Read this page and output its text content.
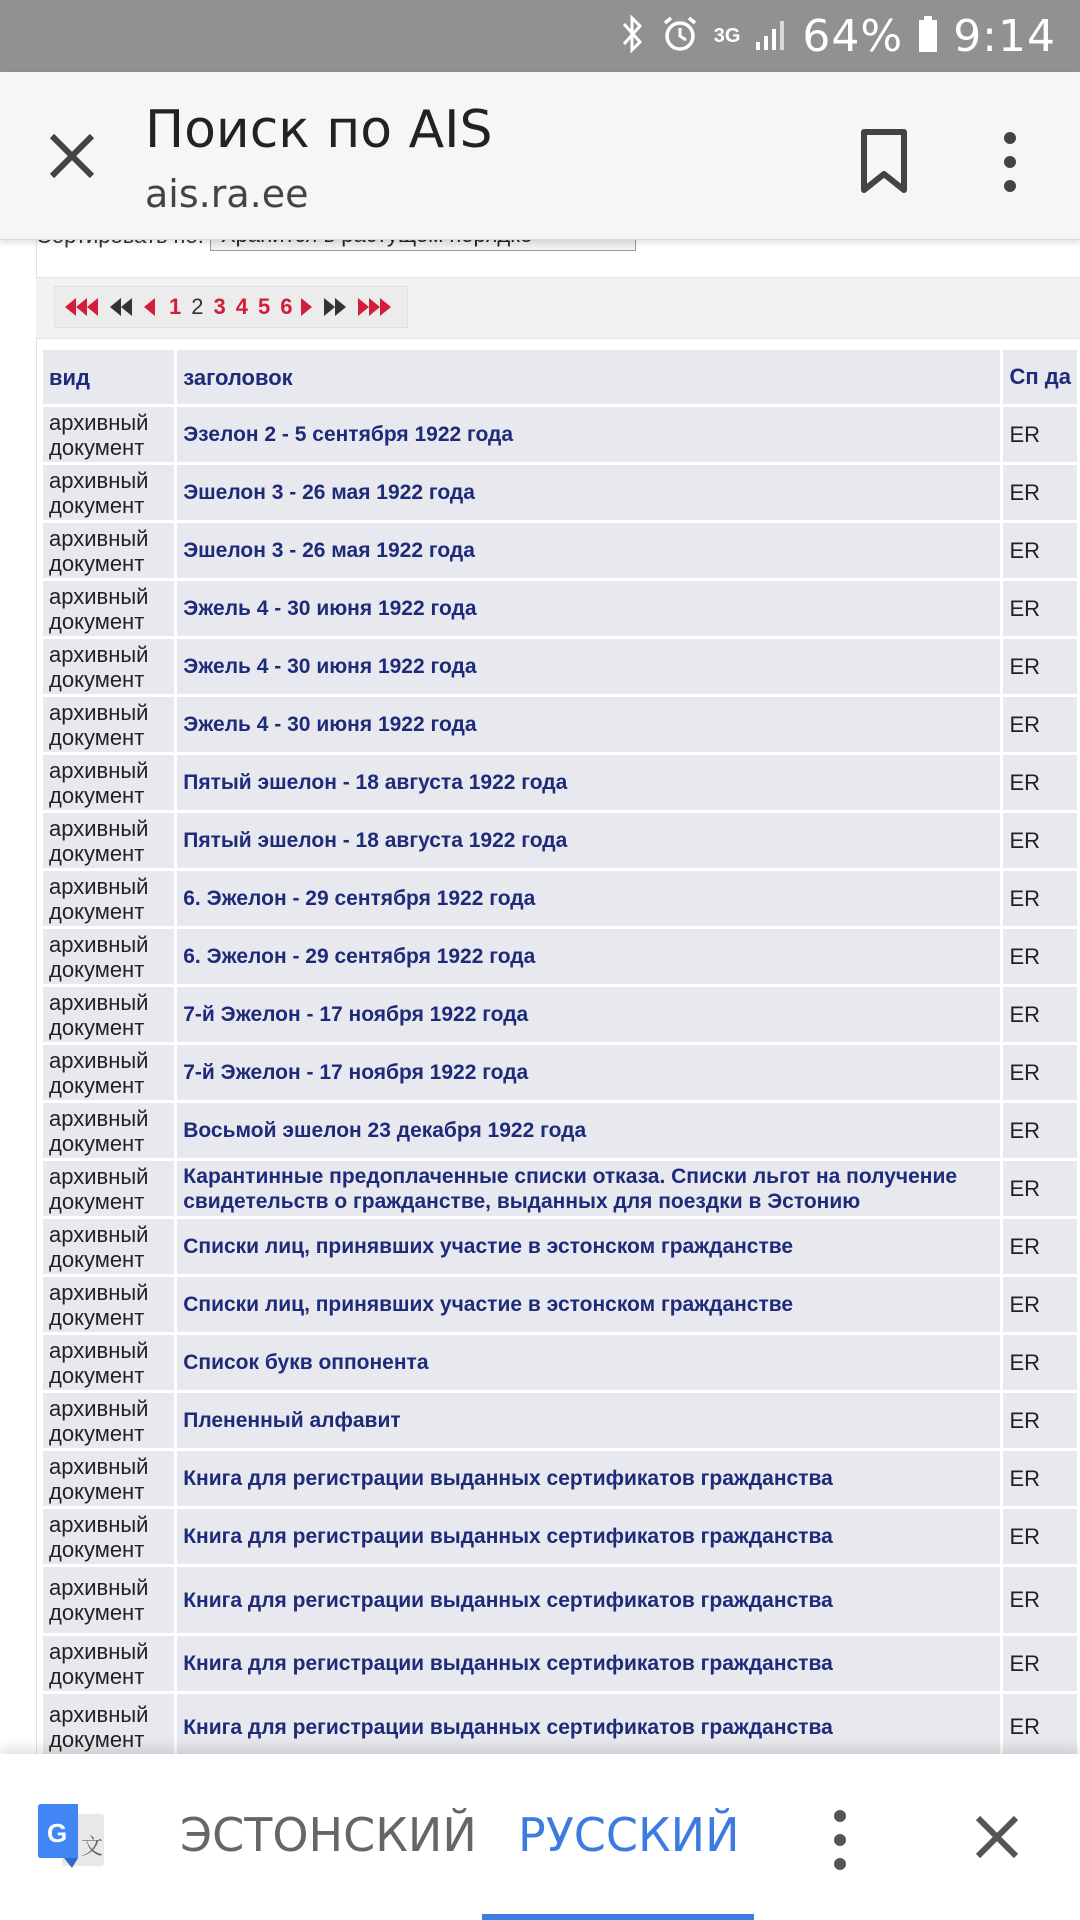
3G 64% 9:14
Поиск по AIS
ais.ra.ee
1 2 3 4 5 6
вид	заголовок	Сп да
архивный документ	Эзелон 2 - 5 сентября 1922 года	ER
архивный документ	Эшелон 3 - 26 мая 1922 года	ER
архивный документ	Эшелон 3 - 26 мая 1922 года	ER
архивный документ	Эжель 4 - 30 июня 1922 года	ER
архивный документ	Эжель 4 - 30 июня 1922 года	ER
архивный документ	Эжель 4 - 30 июня 1922 года	ER
архивный документ	Пятый эшелон - 18 августа 1922 года	ER
архивный документ	Пятый эшелон - 18 августа 1922 года	ER
архивный документ	6. Эжелон - 29 сентября 1922 года	ER
архивный документ	6. Эжелон - 29 сентября 1922 года	ER
архивный документ	7-й Эжелон - 17 ноября 1922 года	ER
архивный документ	7-й Эжелон - 17 ноября 1922 года	ER
архивный документ	Восьмой эшелон 23 декабря 1922 года	ER
архивный документ	Карантинные предоплаченные списки отказа. Списки льгот на получение свидетельств о гражданстве, выданных для поездки в Эстонию	ER
архивный документ	Списки лиц, принявших участие в эстонском гражданстве	ER
архивный документ	Списки лиц, принявших участие в эстонском гражданстве	ER
архивный документ	Список букв оппонента	ER
архивный документ	Плененный алфавит	ER
архивный документ	Книга для регистрации выданных сертификатов гражданства	ER
архивный документ	Книга для регистрации выданных сертификатов гражданства	ER
архивный документ	Книга для регистрации выданных сертификатов гражданства	ER
архивный документ	Книга для регистрации выданных сертификатов гражданства	ER
архивный документ	Книга для регистрации выданных сертификатов гражданства	ER
G 文 ЭСТОНСКИЙ РУССКИЙ
